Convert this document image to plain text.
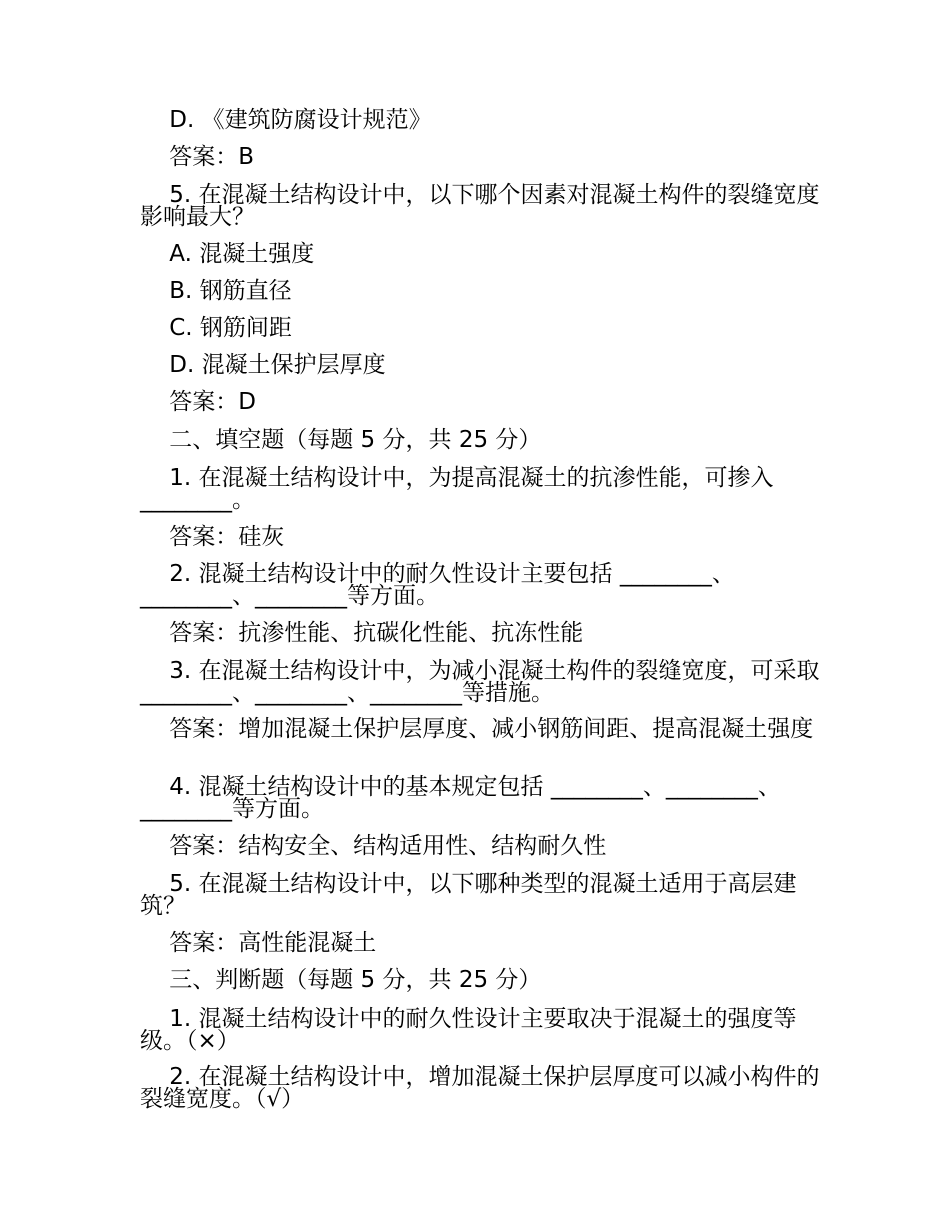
D. 《建筑防腐设计规范》

答案：B

5. 在混凝土结构设计中，以下哪个因素对混凝土构件的裂缝宽度影响最大？

A. 混凝土强度

B. 钢筋直径

C. 钢筋间距

D. 混凝土保护层厚度

答案：D

二、填空题（每题 5 分，共 25 分）

1. 在混凝土结构设计中，为提高混凝土的抗渗性能，可掺入________。

答案：硅灰

2. 混凝土结构设计中的耐久性设计主要包括 ________、________、________等方面。

答案：抗渗性能、抗碳化性能、抗冻性能

3. 在混凝土结构设计中，为减小混凝土构件的裂缝宽度，可采取________、________、________等措施。

答案：增加混凝土保护层厚度、减小钢筋间距、提高混凝土强度

4. 混凝土结构设计中的基本规定包括 ________、________、________等方面。

答案：结构安全、结构适用性、结构耐久性

5. 在混凝土结构设计中，以下哪种类型的混凝土适用于高层建筑？

答案：高性能混凝土

三、判断题（每题 5 分，共 25 分）

1. 混凝土结构设计中的耐久性设计主要取决于混凝土的强度等级。（×）

2. 在混凝土结构设计中，增加混凝土保护层厚度可以减小构件的裂缝宽度。（√）
